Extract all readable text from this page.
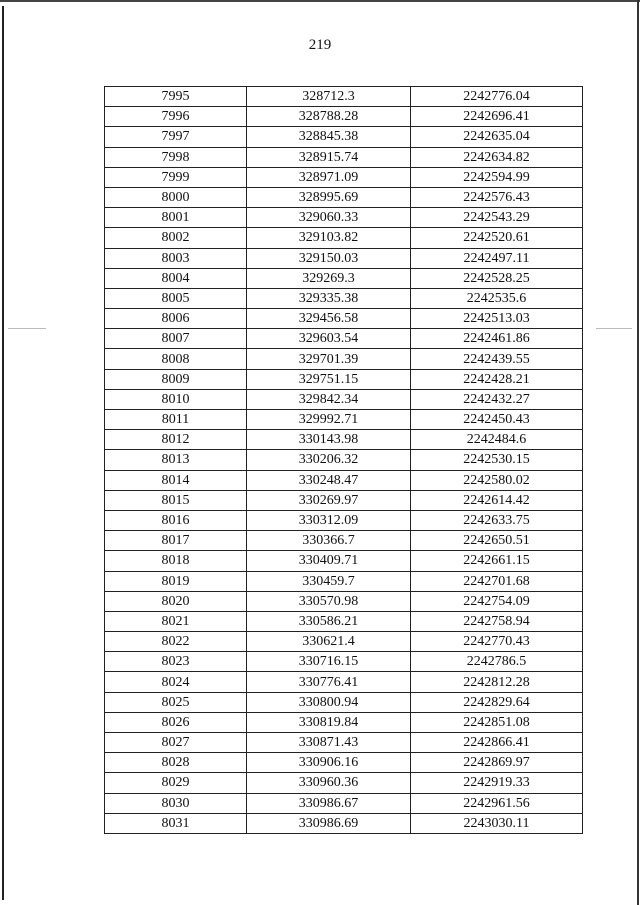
219
7995	328712.3	2242776.04
7996	328788.28	2242696.41
7997	328845.38	2242635.04
7998	328915.74	2242634.82
7999	328971.09	2242594.99
8000	328995.69	2242576.43
8001	329060.33	2242543.29
8002	329103.82	2242520.61
8003	329150.03	2242497.11
8004	329269.3	2242528.25
8005	329335.38	2242535.6
8006	329456.58	2242513.03
8007	329603.54	2242461.86
8008	329701.39	2242439.55
8009	329751.15	2242428.21
8010	329842.34	2242432.27
8011	329992.71	2242450.43
8012	330143.98	2242484.6
8013	330206.32	2242530.15
8014	330248.47	2242580.02
8015	330269.97	2242614.42
8016	330312.09	2242633.75
8017	330366.7	2242650.51
8018	330409.71	2242661.15
8019	330459.7	2242701.68
8020	330570.98	2242754.09
8021	330586.21	2242758.94
8022	330621.4	2242770.43
8023	330716.15	2242786.5
8024	330776.41	2242812.28
8025	330800.94	2242829.64
8026	330819.84	2242851.08
8027	330871.43	2242866.41
8028	330906.16	2242869.97
8029	330960.36	2242919.33
8030	330986.67	2242961.56
8031	330986.69	2243030.11
